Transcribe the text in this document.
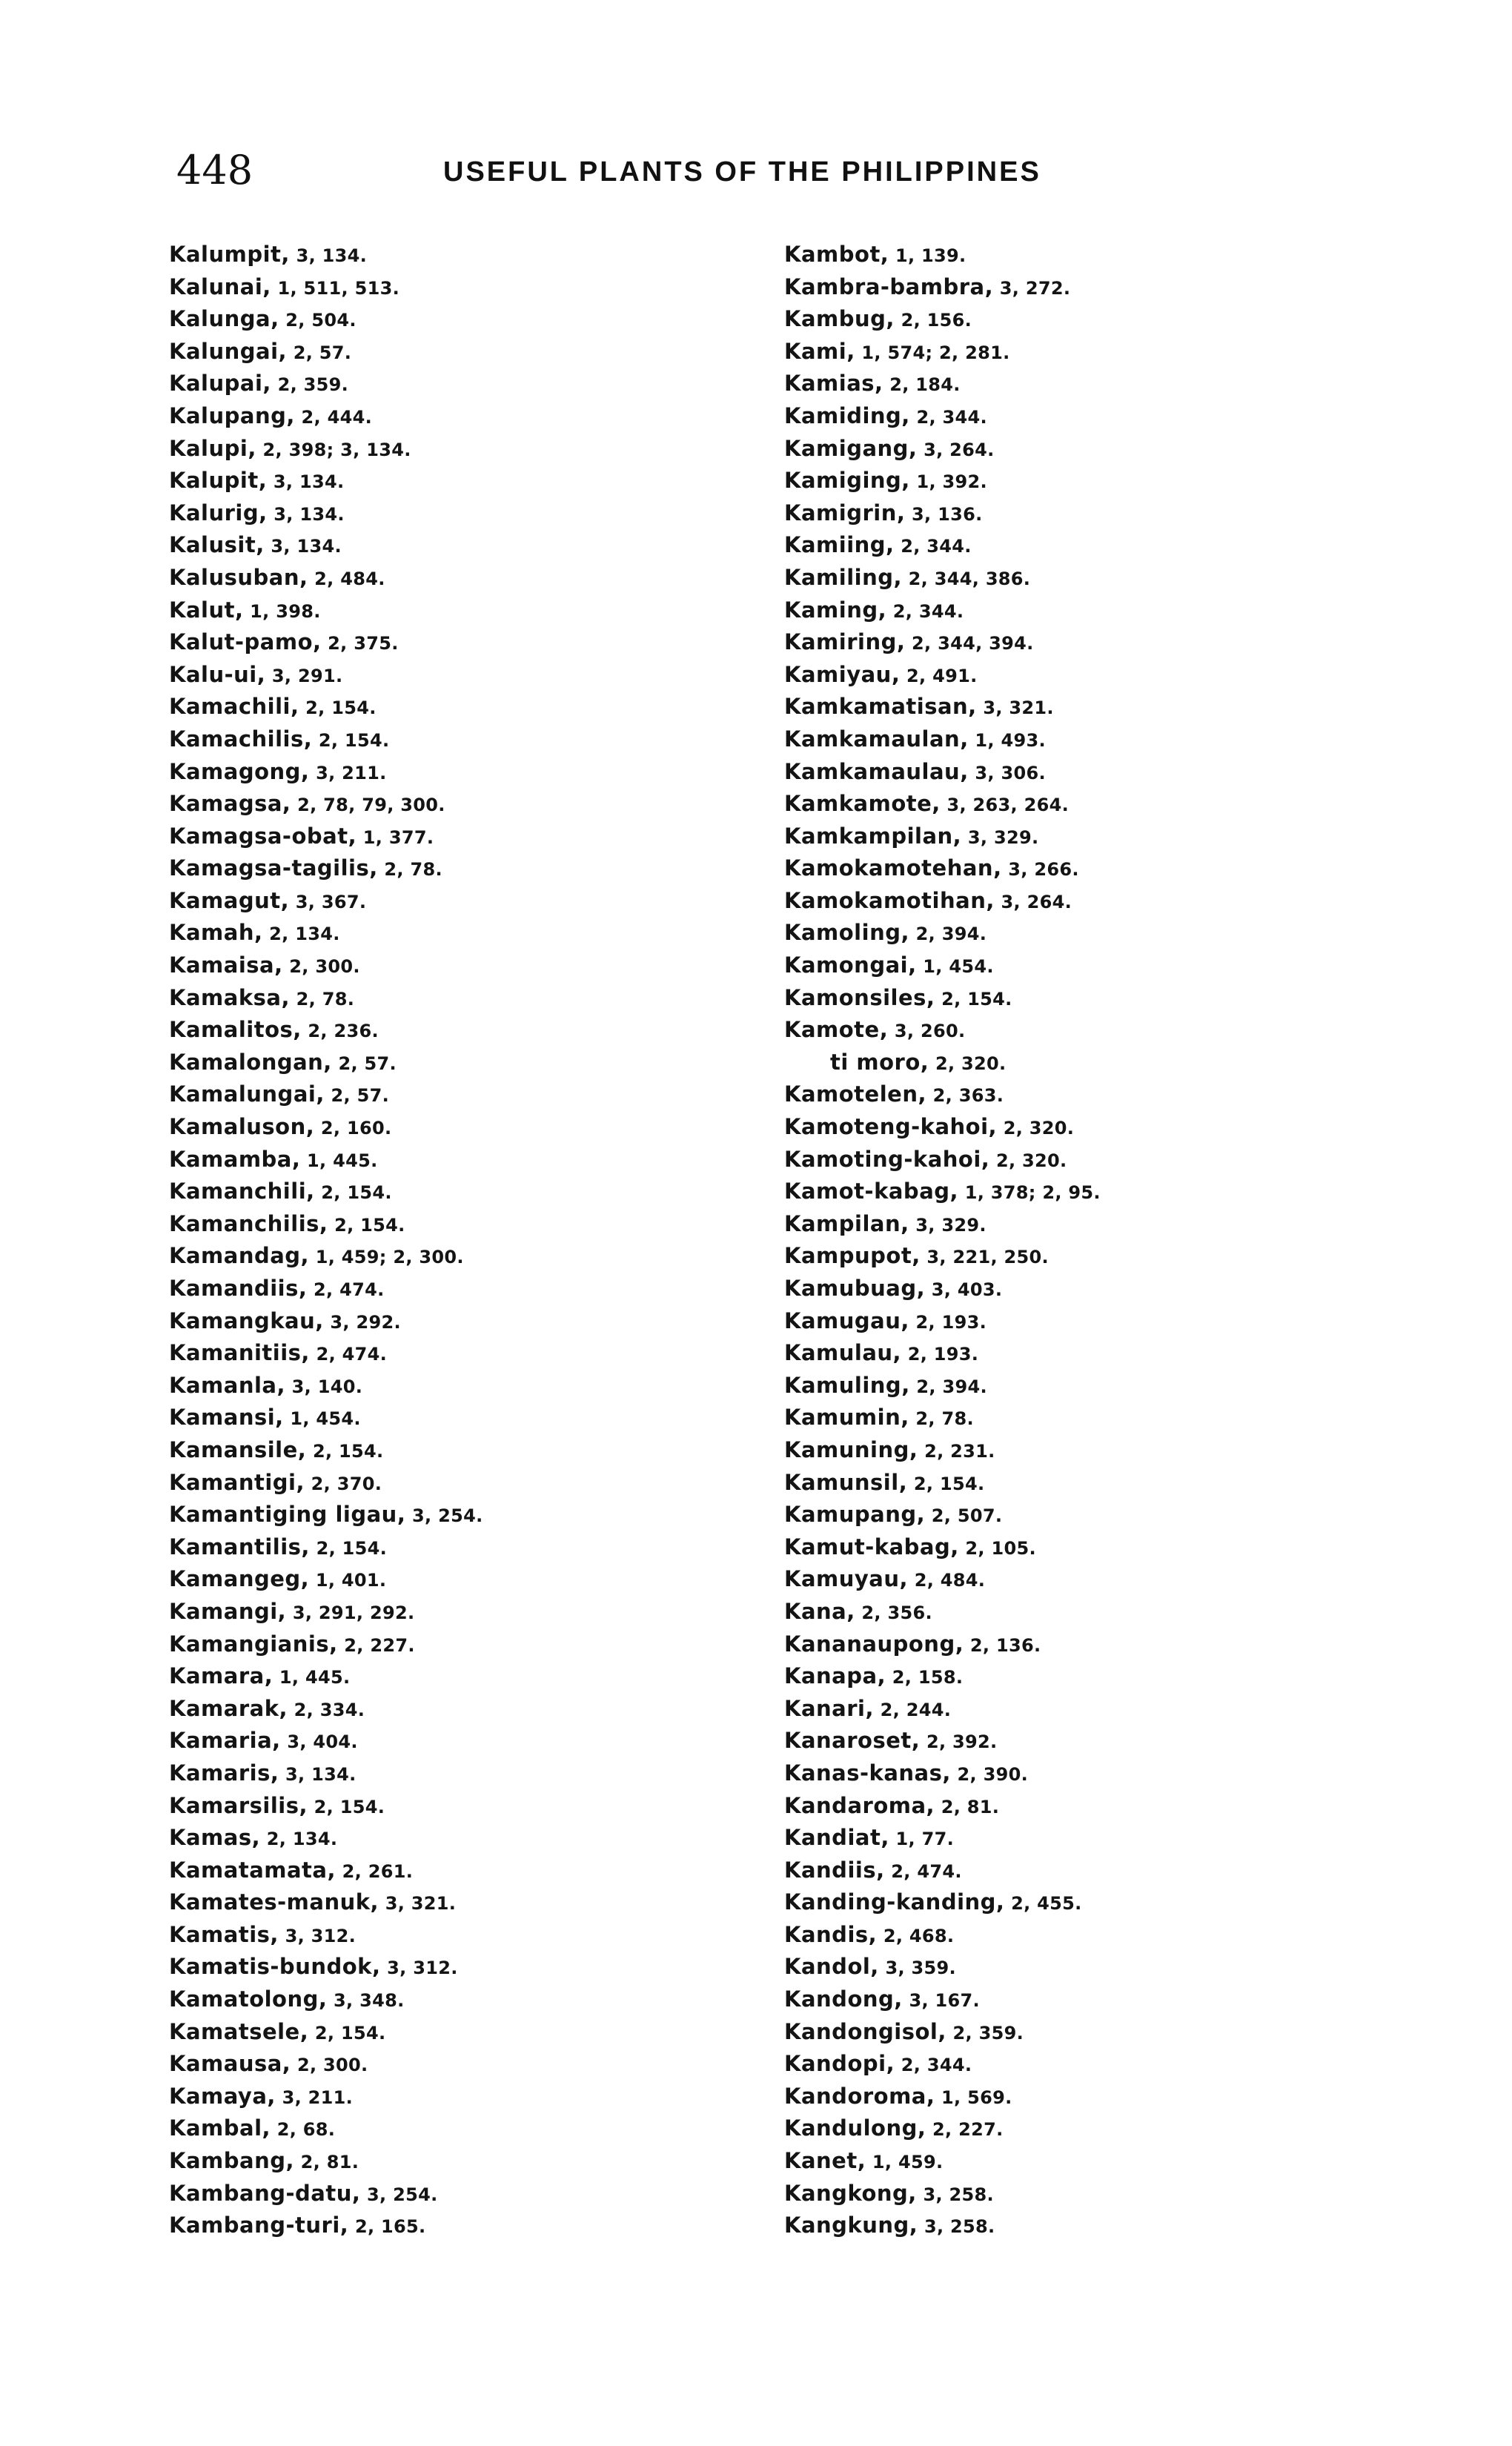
448	USEFUL PLANTS OF THE PHILIPPINES
Kalumpit, 3, 134.
Kalunai, 1, 511, 513.
Kalunga, 2, 504.
Kalungai, 2, 57.
Kalupai, 2, 359.
Kalupang, 2, 444.
Kalupi, 2, 398; 3, 134.
Kalupit, 3, 134.
Kalurig, 3, 134.
Kalusit, 3, 134.
Kalusuban, 2, 484.
Kalut, 1, 398.
Kalut-pamo, 2, 375.
Kalu-ui, 3, 291.
Kamachili, 2, 154.
Kamachilis, 2, 154.
Kamagong, 3, 211.
Kamagsa, 2, 78, 79, 300.
Kamagsa-obat, 1, 377.
Kamagsa-tagilis, 2, 78.
Kamagut, 3, 367.
Kamah, 2, 134.
Kamaisa, 2, 300.
Kamaksa, 2, 78.
Kamalitos, 2, 236.
Kamalongan, 2, 57.
Kamalungai, 2, 57.
Kamaluson, 2, 160.
Kamamba, 1, 445.
Kamanchili, 2, 154.
Kamanchilis, 2, 154.
Kamandag, 1, 459; 2, 300.
Kamandiis, 2, 474.
Kamangkau, 3, 292.
Kamanitiis, 2, 474.
Kamanla, 3, 140.
Kamansi, 1, 454.
Kamansile, 2, 154.
Kamantigi, 2, 370.
Kamantiging ligau, 3, 254.
Kamantilis, 2, 154.
Kamangeg, 1, 401.
Kamangi, 3, 291, 292.
Kamangianis, 2, 227.
Kamara, 1, 445.
Kamarak, 2, 334.
Kamaria, 3, 404.
Kamaris, 3, 134.
Kamarsilis, 2, 154.
Kamas, 2, 134.
Kamatamata, 2, 261.
Kamates-manuk, 3, 321.
Kamatis, 3, 312.
Kamatis-bundok, 3, 312.
Kamatolong, 3, 348.
Kamatsele, 2, 154.
Kamausa, 2, 300.
Kamaya, 3, 211.
Kambal, 2, 68.
Kambang, 2, 81.
Kambang-datu, 3, 254.
Kambang-turi, 2, 165.
Kambot, 1, 139.
Kambra-bambra, 3, 272.
Kambug, 2, 156.
Kami, 1, 574; 2, 281.
Kamias, 2, 184.
Kamiding, 2, 344.
Kamigang, 3, 264.
Kamiging, 1, 392.
Kamigrin, 3, 136.
Kamiing, 2, 344.
Kamiling, 2, 344, 386.
Kaming, 2, 344.
Kamiring, 2, 344, 394.
Kamiyau, 2, 491.
Kamkamatisan, 3, 321.
Kamkamaulan, 1, 493.
Kamkamaulau, 3, 306.
Kamkamote, 3, 263, 264.
Kamkampilan, 3, 329.
Kamokamotehan, 3, 266.
Kamokamotihan, 3, 264.
Kamoling, 2, 394.
Kamongai, 1, 454.
Kamonsiles, 2, 154.
Kamote, 3, 260.
ti moro, 2, 320.
Kamotelen, 2, 363.
Kamoteng-kahoi, 2, 320.
Kamoting-kahoi, 2, 320.
Kamot-kabag, 1, 378; 2, 95.
Kampilan, 3, 329.
Kampupot, 3, 221, 250.
Kamubuag, 3, 403.
Kamugau, 2, 193.
Kamulau, 2, 193.
Kamuling, 2, 394.
Kamumin, 2, 78.
Kamuning, 2, 231.
Kamunsil, 2, 154.
Kamupang, 2, 507.
Kamut-kabag, 2, 105.
Kamuyau, 2, 484.
Kana, 2, 356.
Kananaupong, 2, 136.
Kanapa, 2, 158.
Kanari, 2, 244.
Kanaroset, 2, 392.
Kanas-kanas, 2, 390.
Kandaroma, 2, 81.
Kandiat, 1, 77.
Kandiis, 2, 474.
Kanding-kanding, 2, 455.
Kandis, 2, 468.
Kandol, 3, 359.
Kandong, 3, 167.
Kandongisol, 2, 359.
Kandopi, 2, 344.
Kandoroma, 1, 569.
Kandulong, 2, 227.
Kanet, 1, 459.
Kangkong, 3, 258.
Kangkung, 3, 258.
